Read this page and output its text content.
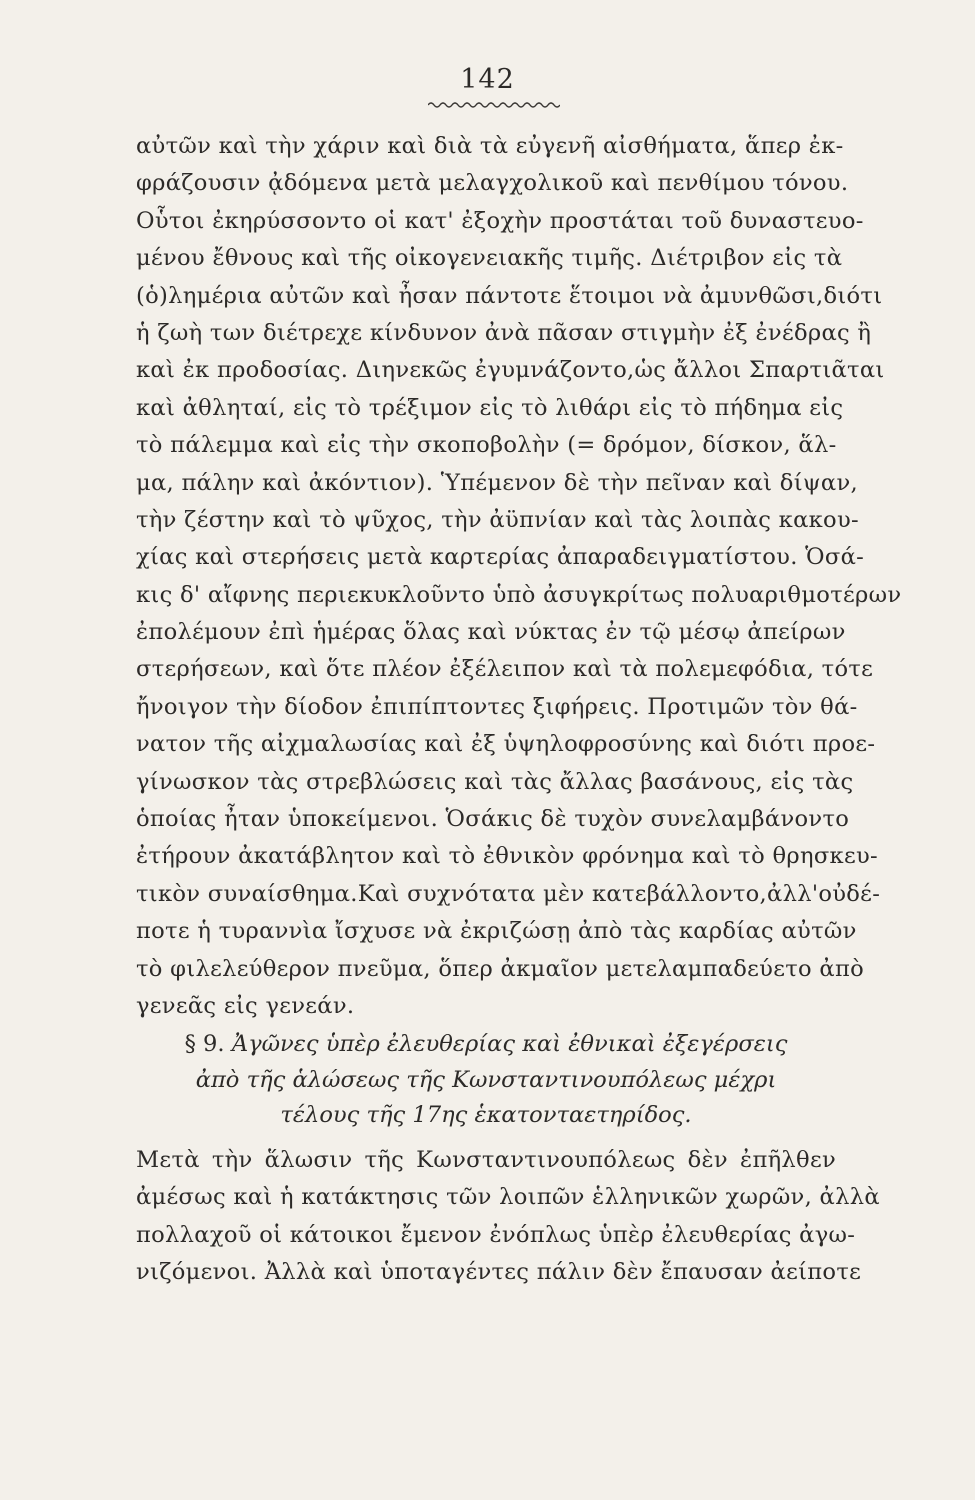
142
αὐτῶν καὶ τὴν χάριν καὶ διὰ τὰ εὐγενῆ αἰσθήματα, ἅπερ ἐκ-
φράζουσιν ᾀδόμενα μετὰ μελαγχολικοῦ καὶ πενθίμου τόνου.
Οὗτοι ἐκηρύσσοντο οἱ κατ' ἐξοχὴν προστάται τοῦ δυναστευο-
μένου ἔθνους καὶ τῆς οἰκογενειακῆς τιμῆς. Διέτριβον εἰς τὰ
(ὁ)λημέρια αὐτῶν καὶ ἦσαν πάντοτε ἕτοιμοι νὰ ἀμυνθῶσι,διότι
ἡ ζωὴ των διέτρεχε κίνδυνον ἀνὰ πᾶσαν στιγμὴν ἐξ ἐνέδρας ἢ
καὶ ἐκ προδοσίας. Διηνεκῶς ἐγυμνάζοντο,ὡς ἄλλοι Σπαρτιᾶται
καὶ ἀθληταί, εἰς τὸ τρέξιμον εἰς τὸ λιθάρι εἰς τὸ πήδημα εἰς
τὸ πάλεμμα καὶ εἰς τὴν σκοποβολὴν (= δρόμον, δίσκον, ἅλ-
μα, πάλην καὶ ἀκόντιον). Ὑπέμενον δὲ τὴν πεῖναν καὶ δίψαν,
τὴν ζέστην καὶ τὸ ψῦχος, τὴν ἀϋπνίαν καὶ τὰς λοιπὰς κακου-
χίας καὶ στερήσεις μετὰ καρτερίας ἀπαραδειγματίστου. Ὁσά-
κις δ' αἴφνης περιεκυκλοῦντο ὑπὸ ἀσυγκρίτως πολυαριθμοτέρων
ἐπολέμουν ἐπὶ ἡμέρας ὅλας καὶ νύκτας ἐν τῷ μέσῳ ἀπείρων
στερήσεων, καὶ ὅτε πλέον ἐξέλειπον καὶ τὰ πολεμεφόδια, τότε
ἤνοιγον τὴν δίοδον ἐπιπίπτοντες ξιφήρεις. Προτιμῶν τὸν θά-
νατον τῆς αἰχμαλωσίας καὶ ἐξ ὑψηλοφροσύνης καὶ διότι προε-
γίνωσκον τὰς στρεβλώσεις καὶ τὰς ἄλλας βασάνους, εἰς τὰς
ὁποίας ἦταν ὑποκείμενοι. Ὁσάκις δὲ τυχὸν συνελαμβάνοντο
ἐτήρουν ἀκατάβλητον καὶ τὸ ἐθνικὸν φρόνημα καὶ τὸ θρησκευ-
τικὸν συναίσθημα.Καὶ συχνότατα μὲν κατεβάλλοντο,ἀλλ'οὐδέ-
ποτε ἡ τυραννὶα ἴσχυσε νὰ ἐκριζώσῃ ἀπὸ τὰς καρδίας αὐτῶν
τὸ φιλελεύθερον πνεῦμα, ὅπερ ἀκμαῖον μετελαμπαδεύετο ἀπὸ
γενεᾶς εἰς γενεάν.
§ 9. Ἀγῶνες ὑπὲρ ἐλευθερίας καὶ ἐθνικαὶ ἐξεγέρσεις
ἀπὸ τῆς ἁλώσεως τῆς Κωνσταντινουπόλεως μέχρι
τέλους τῆς 17ης ἑκατονταετηρίδος.
Μετὰ τὴν ἅλωσιν τῆς Κωνσταντινουπόλεως δὲν ἐπῆλθεν
ἀμέσως καὶ ἡ κατάκτησις τῶν λοιπῶν ἑλληνικῶν χωρῶν, ἀλλὰ
πολλαχοῦ οἱ κάτοικοι ἔμενον ἐνόπλως ὑπὲρ ἐλευθερίας ἀγω-
νιζόμενοι. Ἀλλὰ καὶ ὑποταγέντες πάλιν δὲν ἔπαυσαν ἀείποτε
